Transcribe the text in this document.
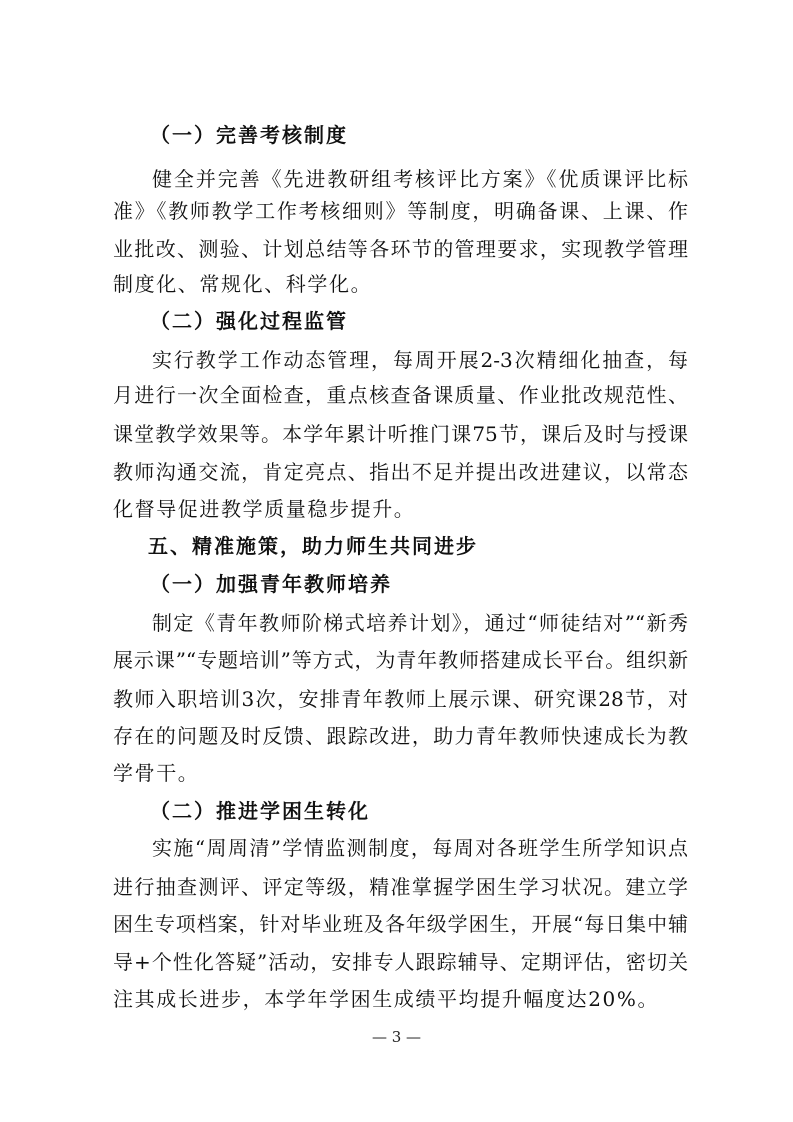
（一）完善考核制度
健全并完善《先进教研组考核评比方案》《优质课评比标
准》《教师教学工作考核细则》等制度，明确备课、上课、作
业批改、测验、计划总结等各环节的管理要求，实现教学管理
制度化、常规化、科学化。
（二）强化过程监管
实行教学工作动态管理，每周开展2-3次精细化抽查，每
月进行一次全面检查，重点核查备课质量、作业批改规范性、
课堂教学效果等。本学年累计听推门课75节，课后及时与授课
教师沟通交流，肯定亮点、指出不足并提出改进建议，以常态
化督导促进教学质量稳步提升。
五、精准施策，助力师生共同进步
（一）加强青年教师培养
制定《青年教师阶梯式培养计划》，通过“师徒结对”“新秀
展示课”“专题培训”等方式，为青年教师搭建成长平台。组织新
教师入职培训3次，安排青年教师上展示课、研究课28节，对
存在的问题及时反馈、跟踪改进，助力青年教师快速成长为教
学骨干。
（二）推进学困生转化
实施“周周清”学情监测制度，每周对各班学生所学知识点
进行抽查测评、评定等级，精准掌握学困生学习状况。建立学
困生专项档案，针对毕业班及各年级学困生，开展“每日集中辅
导+个性化答疑”活动，安排专人跟踪辅导、定期评估，密切关
注其成长进步，本学年学困生成绩平均提升幅度达20%。
— 3 —
